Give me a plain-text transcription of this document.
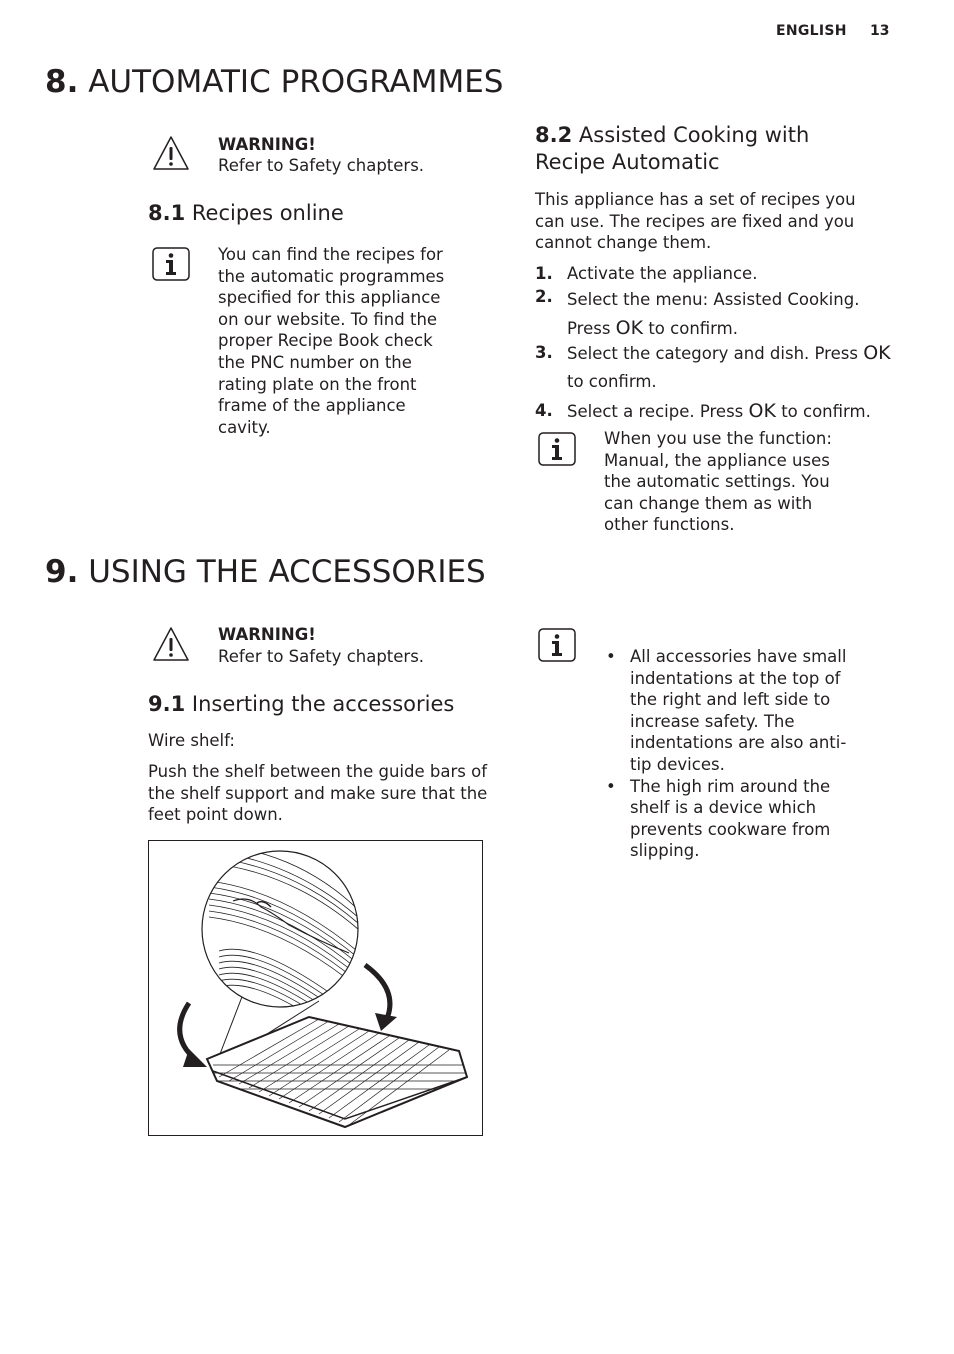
ENGLISH 13
8. AUTOMATIC PROGRAMMES
WARNING!
Refer to Safety chapters.
8.1 Recipes online
You can find the recipes for the automatic programmes specified for this appliance on our website. To find the proper Recipe Book check the PNC number on the rating plate on the front frame of the appliance cavity.
8.2 Assisted Cooking with
Recipe Automatic
This appliance has a set of recipes you can use. The recipes are fixed and you cannot change them.
1. Activate the appliance.
2. Select the menu: Assisted Cooking. Press OK to confirm.
3. Select the category and dish. Press OK to confirm.
4. Select a recipe. Press OK to confirm.
When you use the function: Manual, the appliance uses the automatic settings. You can change them as with other functions.
9. USING THE ACCESSORIES
WARNING!
Refer to Safety chapters.
9.1 Inserting the accessories
Wire shelf:
Push the shelf between the guide bars of the shelf support and make sure that the feet point down.
• All accessories have small indentations at the top of the right and left side to increase safety. The indentations are also anti-tip devices.
• The high rim around the shelf is a device which prevents cookware from slipping.
